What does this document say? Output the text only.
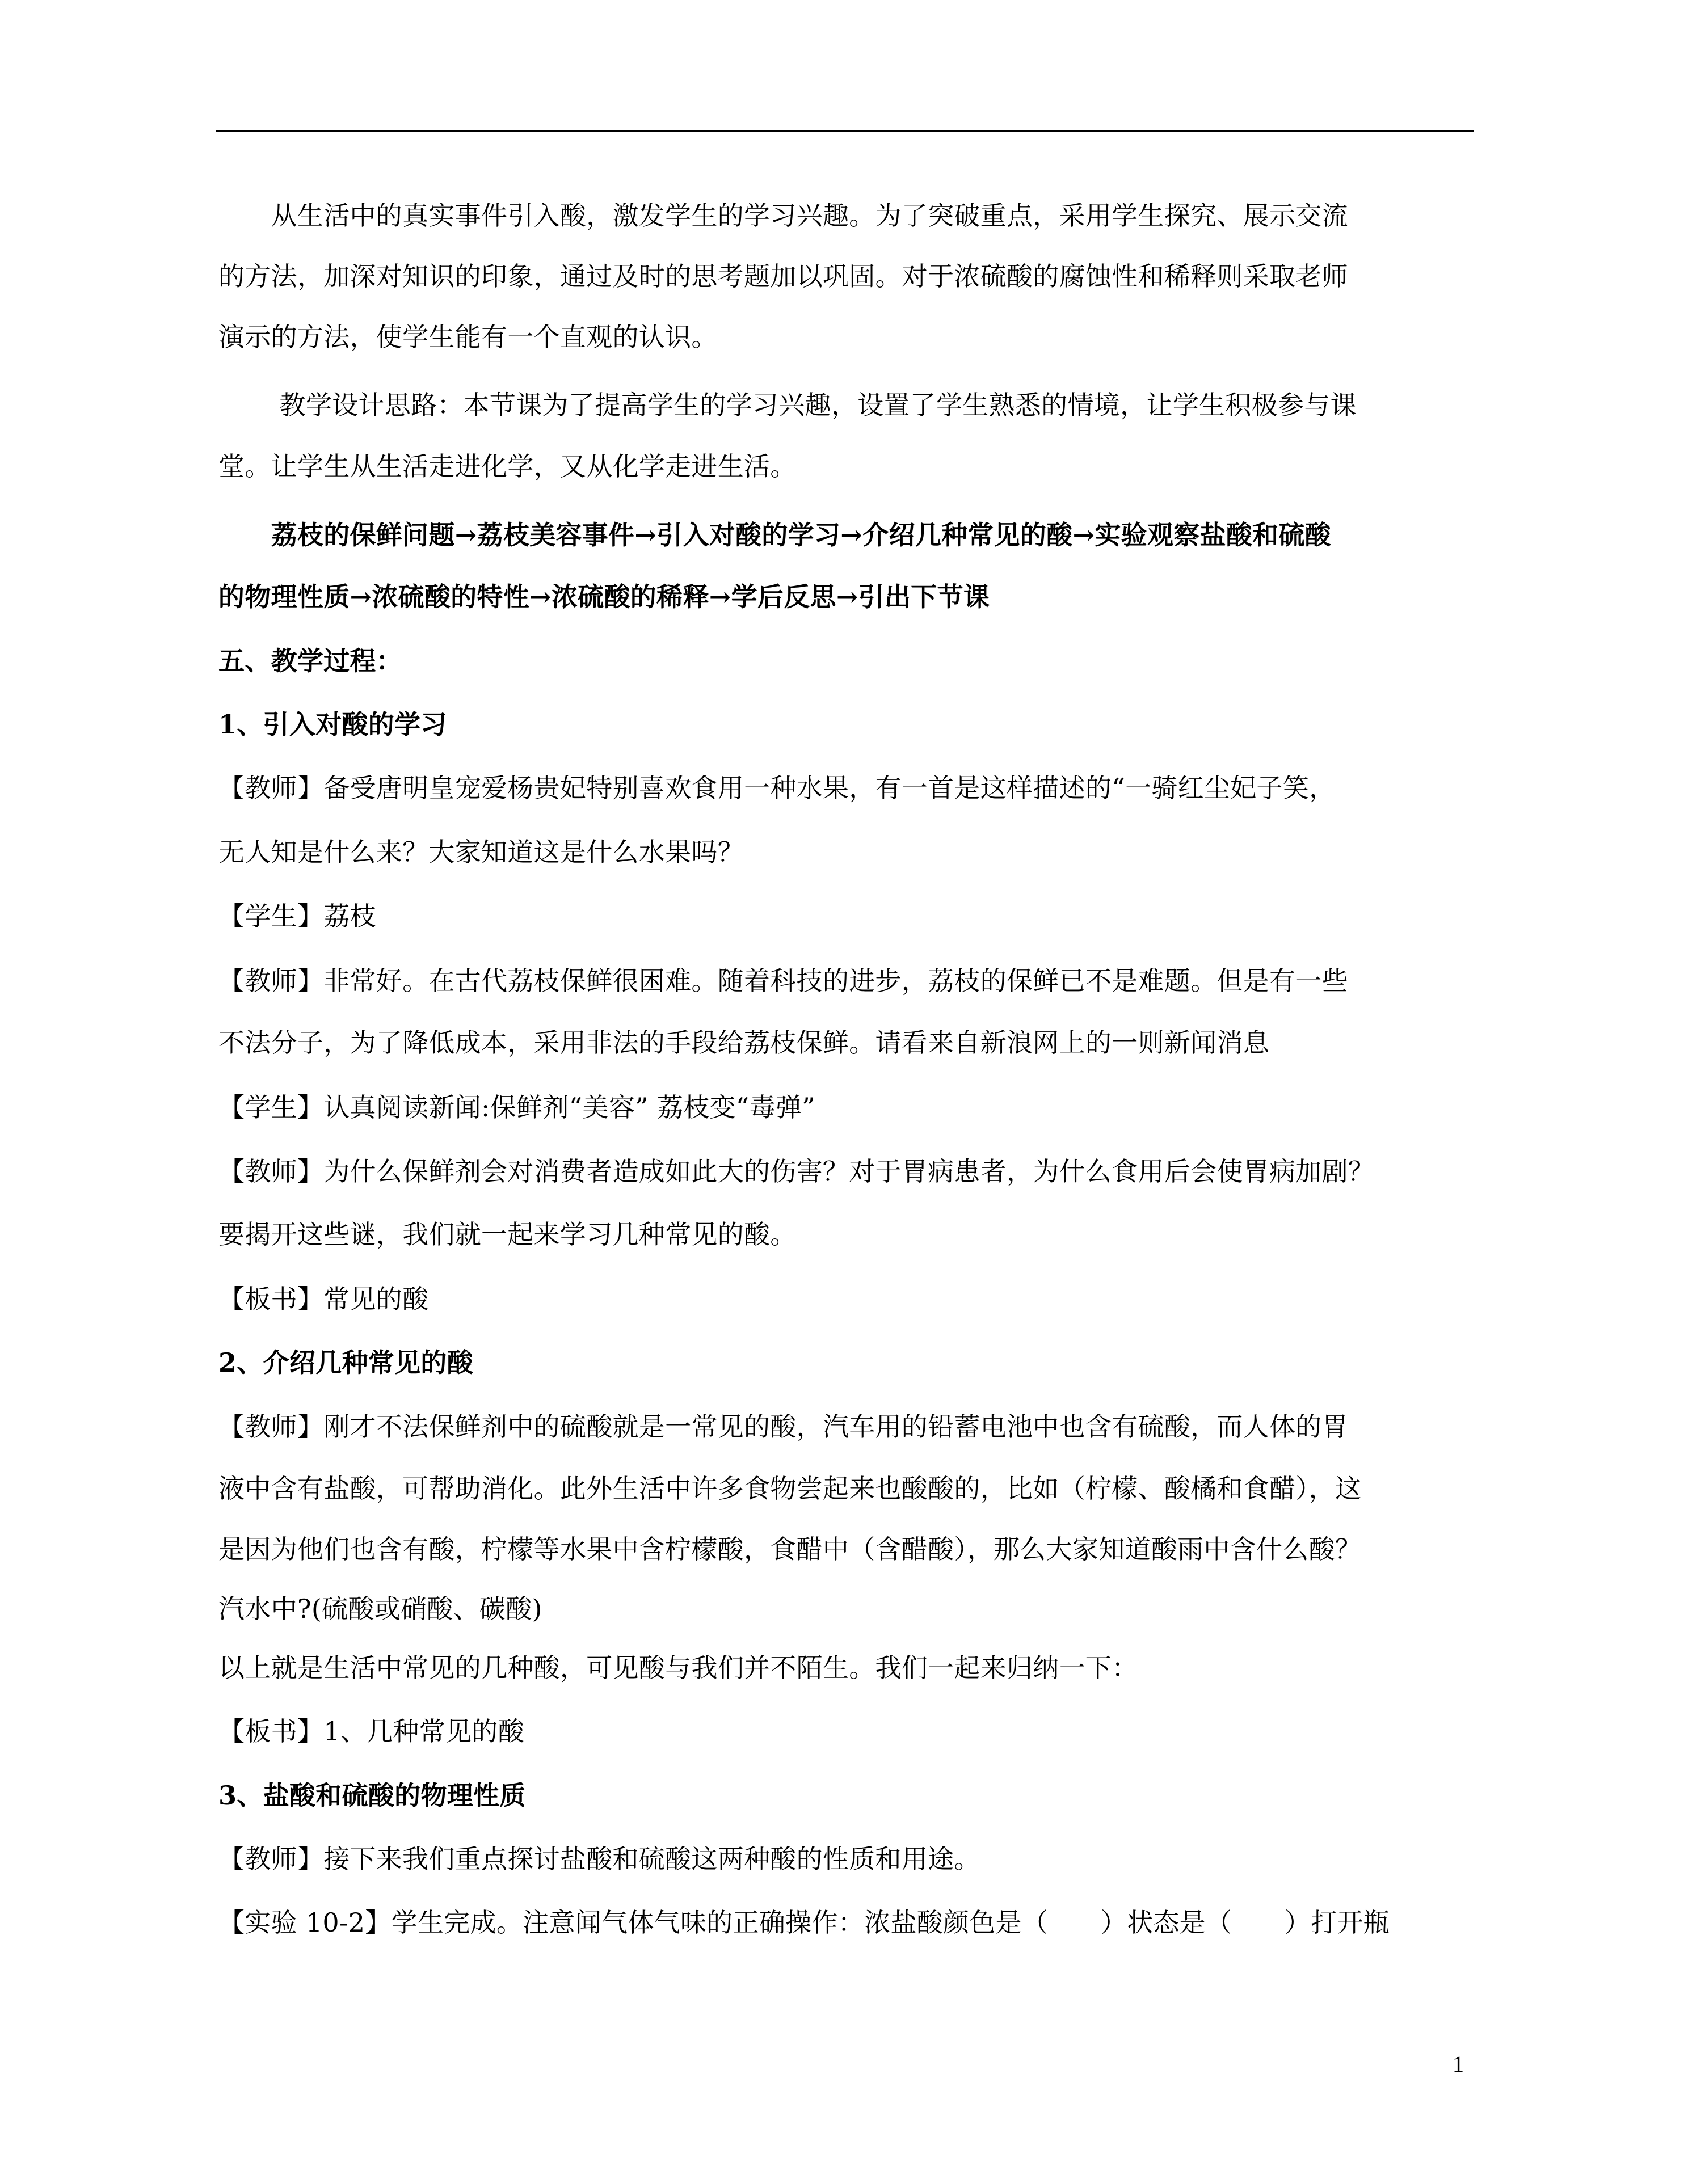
　　从生活中的真实事件引入酸，激发学生的学习兴趣。为了突破重点，采用学生探究、展示交流
的方法，加深对知识的印象，通过及时的思考题加以巩固。对于浓硫酸的腐蚀性和稀释则采取老师
演示的方法，使学生能有一个直观的认识。
　　 教学设计思路：本节课为了提高学生的学习兴趣，设置了学生熟悉的情境，让学生积极参与课
堂。让学生从生活走进化学，又从化学走进生活。
　　荔枝的保鲜问题→荔枝美容事件→引入对酸的学习→介绍几种常见的酸→实验观察盐酸和硫酸
的物理性质→浓硫酸的特性→浓硫酸的稀释→学后反思→引出下节课
五、教学过程：
1、引入对酸的学习
【教师】备受唐明皇宠爱杨贵妃特别喜欢食用一种水果，有一首是这样描述的“一骑红尘妃子笑，
无人知是什么来？大家知道这是什么水果吗？
【学生】荔枝
【教师】非常好。在古代荔枝保鲜很困难。随着科技的进步，荔枝的保鲜已不是难题。但是有一些
不法分子，为了降低成本，采用非法的手段给荔枝保鲜。请看来自新浪网上的一则新闻消息
【学生】认真阅读新闻:保鲜剂“美容” 荔枝变“毒弹”
【教师】为什么保鲜剂会对消费者造成如此大的伤害？对于胃病患者，为什么食用后会使胃病加剧？
要揭开这些谜，我们就一起来学习几种常见的酸。
【板书】常见的酸
2、介绍几种常见的酸
【教师】刚才不法保鲜剂中的硫酸就是一常见的酸，汽车用的铅蓄电池中也含有硫酸，而人体的胃
液中含有盐酸，可帮助消化。此外生活中许多食物尝起来也酸酸的，比如（柠檬、酸橘和食醋），这
是因为他们也含有酸，柠檬等水果中含柠檬酸，食醋中（含醋酸），那么大家知道酸雨中含什么酸？
汽水中?(硫酸或硝酸、碳酸)
以上就是生活中常见的几种酸，可见酸与我们并不陌生。我们一起来归纳一下：
【板书】1、几种常见的酸
3、盐酸和硫酸的物理性质
【教师】接下来我们重点探讨盐酸和硫酸这两种酸的性质和用途。
【实验 10-2】学生完成。注意闻气体气味的正确操作：浓盐酸颜色是（　　）状态是（　　）打开瓶
1
